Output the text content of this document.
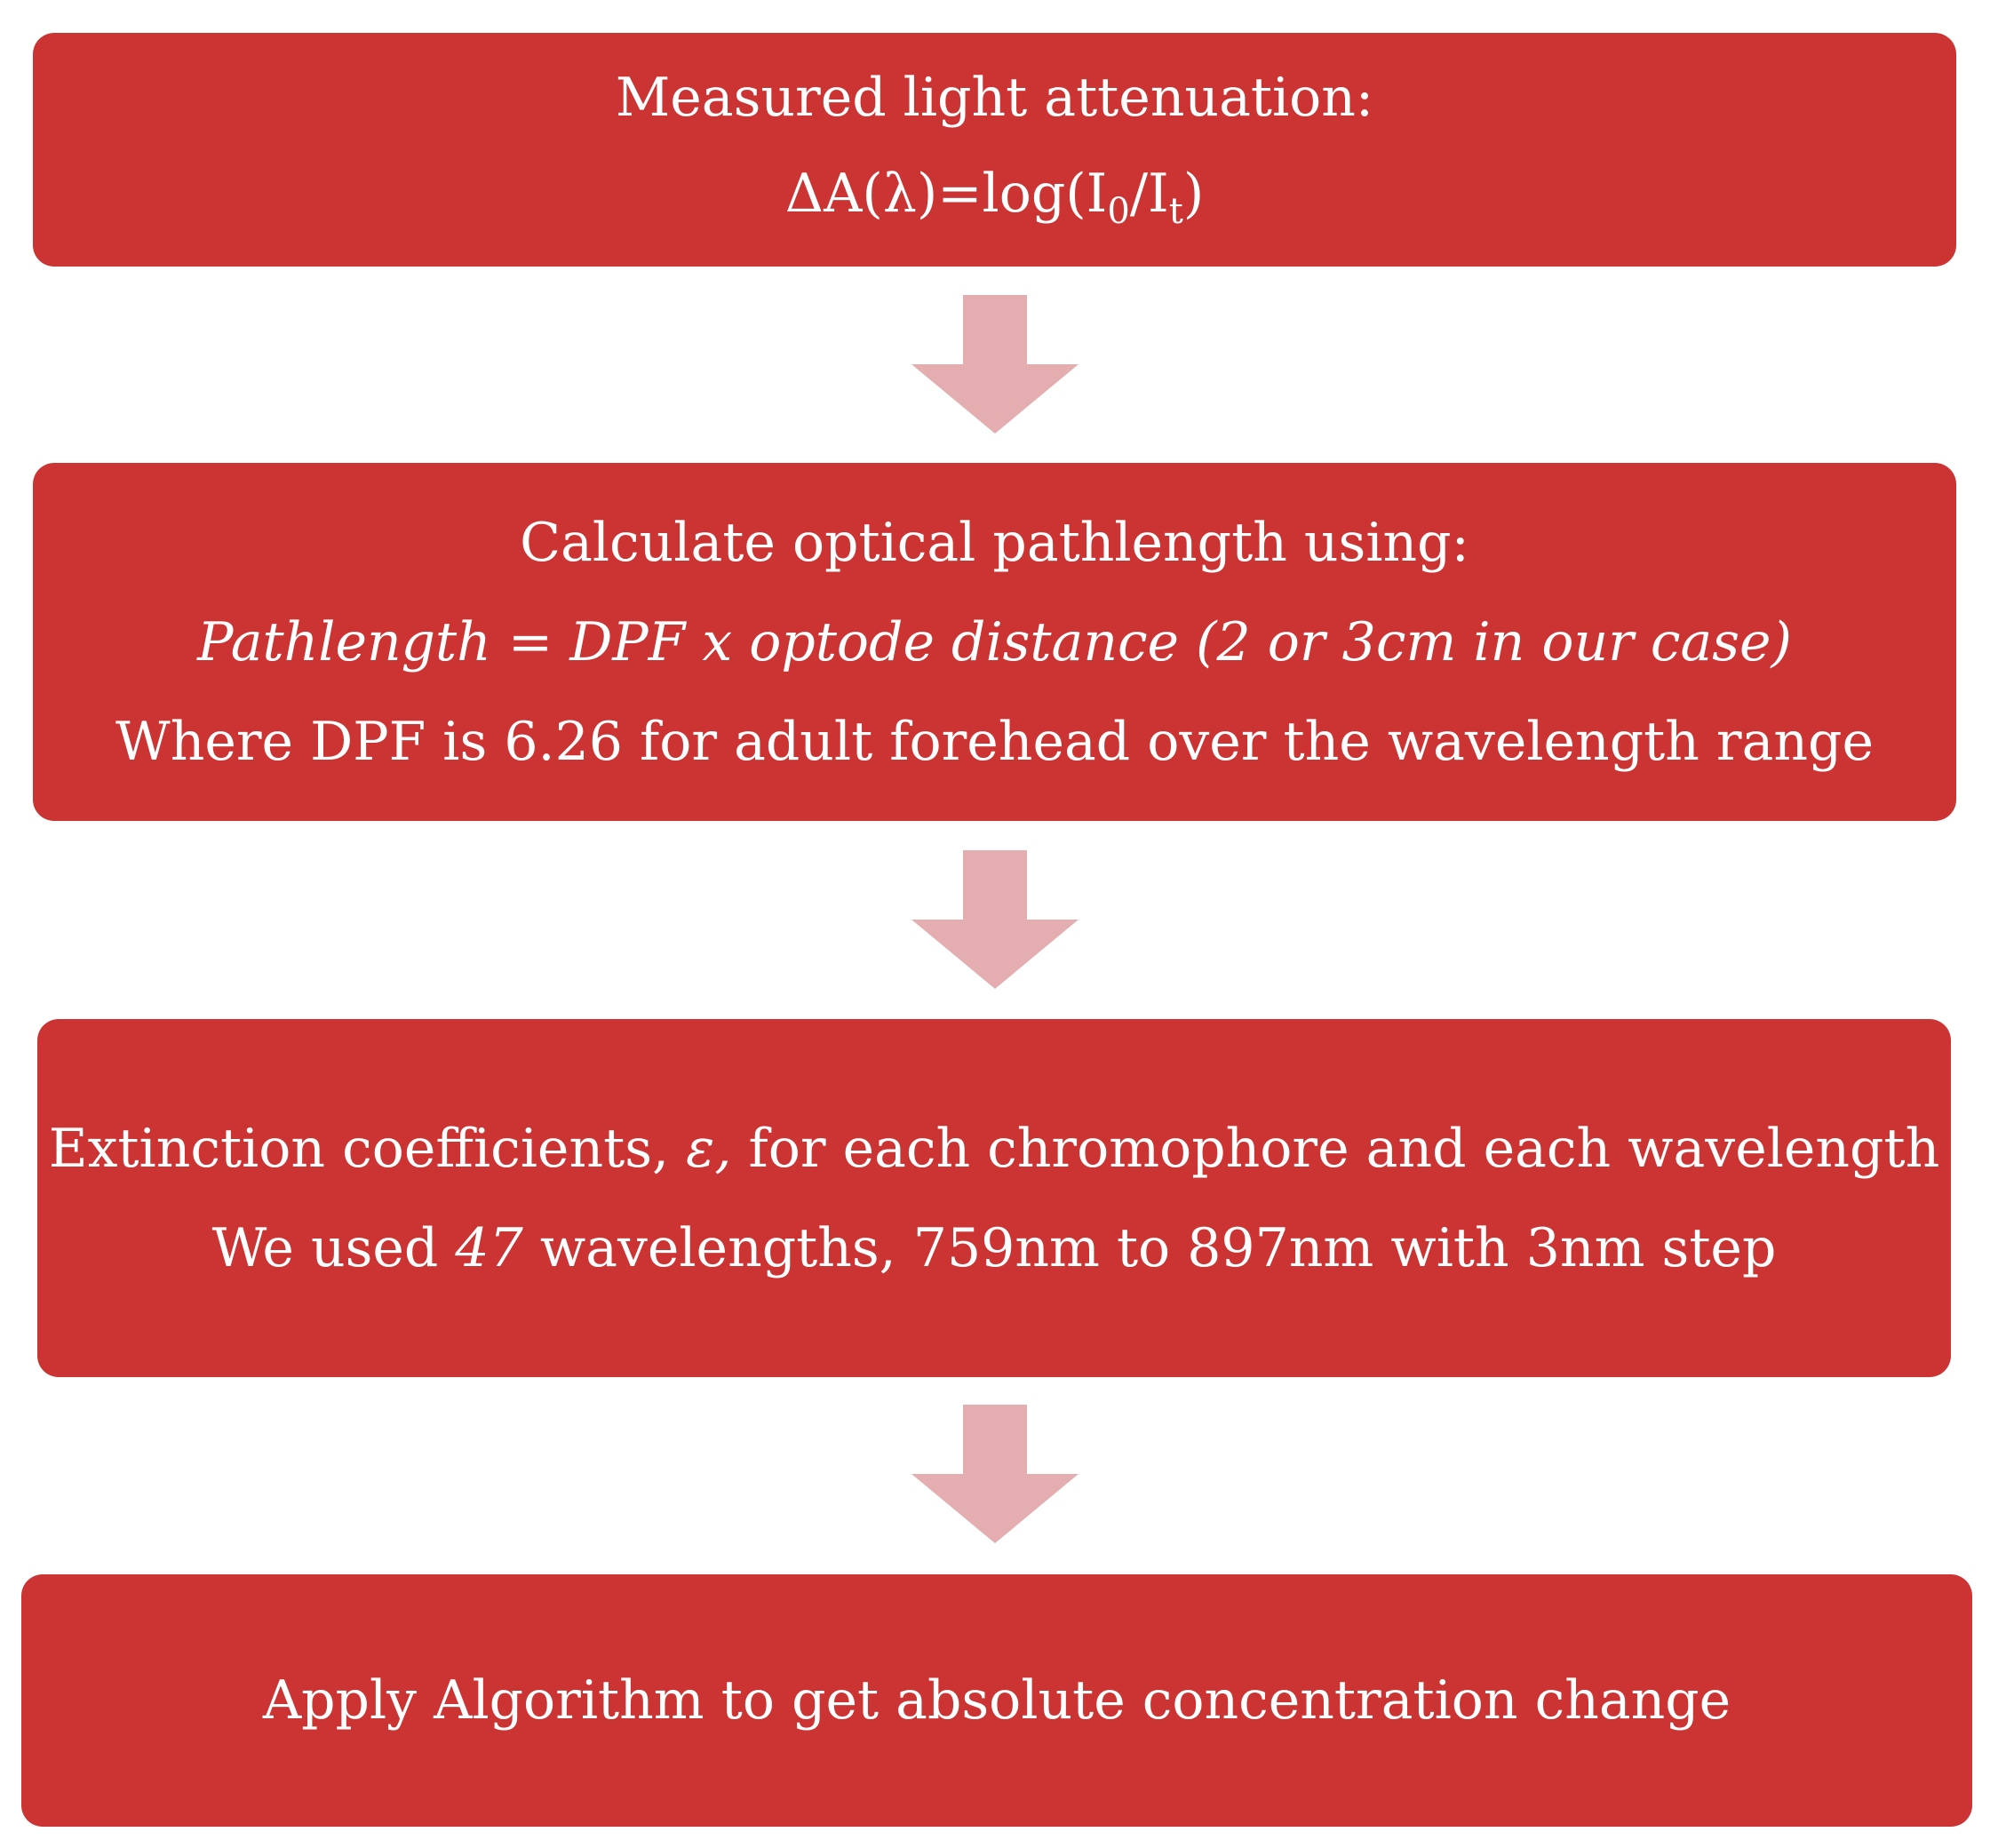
Measured light attenuation:
$\Delta A(\lambda)=\log(I_0/I_t)$
Calculate optical pathlength using:
Pathlength = DPF x optode distance (2 or 3cm in our case)
Where DPF is 6.26 for adult forehead over the wavelength range
Extinction coefficients, ε, for each chromophore and each wavelength
We used 47 wavelengths, 759nm to 897nm with 3nm step
Apply Algorithm to get absolute concentration change
